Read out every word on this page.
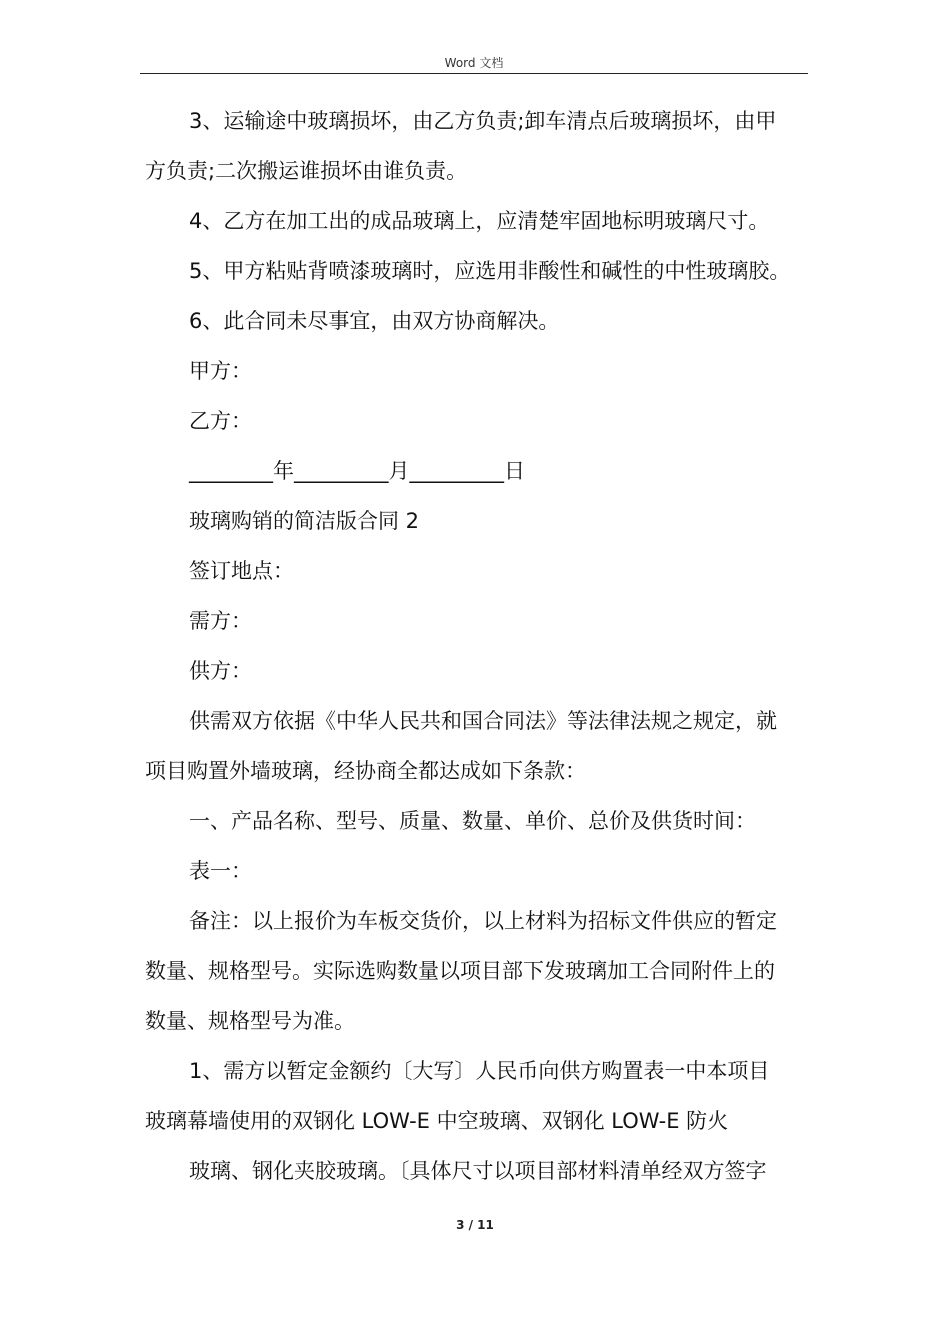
Word 文档

3、运输途中玻璃损坏，由乙方负责;卸车清点后玻璃损坏，由甲

方负责;二次搬运谁损坏由谁负责。

4、乙方在加工出的成品玻璃上，应清楚牢固地标明玻璃尺寸。

5、甲方粘贴背喷漆玻璃时，应选用非酸性和碱性的中性玻璃胶。

6、此合同未尽事宜，由双方协商解决。

甲方：

乙方：

________年_________月_________日

玻璃购销的简洁版合同 2

签订地点：

需方：

供方：

供需双方依据《中华人民共和国合同法》等法律法规之规定，就

项目购置外墙玻璃，经协商全都达成如下条款：

一、产品名称、型号、质量、数量、单价、总价及供货时间：

表一：

备注：以上报价为车板交货价，以上材料为招标文件供应的暂定

数量、规格型号。实际选购数量以项目部下发玻璃加工合同附件上的

数量、规格型号为准。

1、需方以暂定金额约〔大写〕人民币向供方购置表一中本项目

玻璃幕墙使用的双钢化 LOW-E 中空玻璃、双钢化 LOW-E 防火

玻璃、钢化夹胶玻璃。〔具体尺寸以项目部材料清单经双方签字

3 / 11
